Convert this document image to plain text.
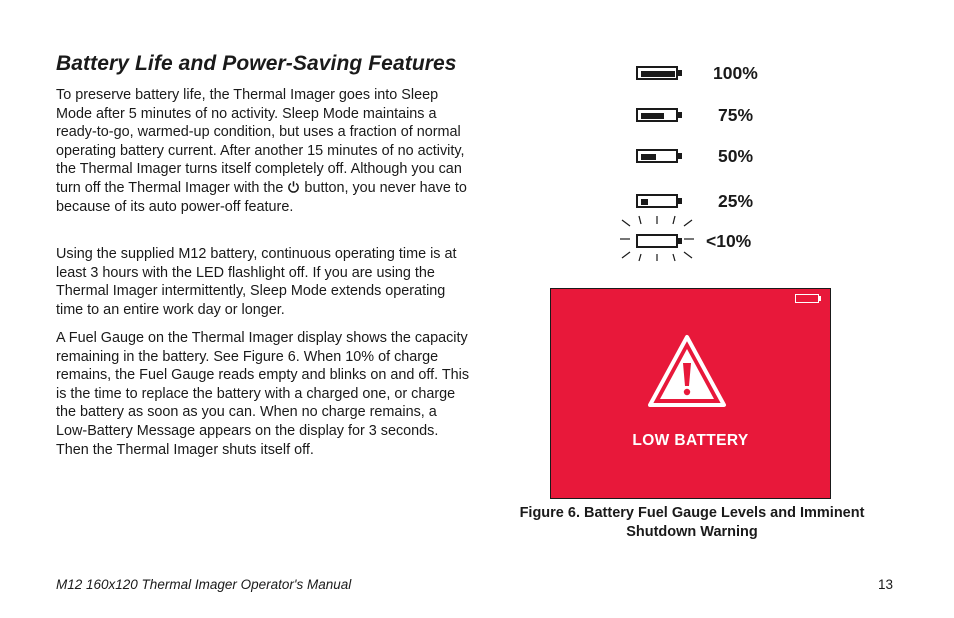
Battery Life and Power-Saving Features

To preserve battery life, the Thermal Imager goes into Sleep Mode after 5 minutes of no activity. Sleep Mode maintains a ready-to-go, warmed-up condition, but uses a fraction of normal operating battery current. After another 15 minutes of no activity, the Thermal Imager turns itself completely off. Although you can turn off the Thermal Imager with the  button, you never have to because of its auto power-off feature.

Using the supplied M12 battery, continuous operating time is at least 3 hours with the LED flashlight off. If you are using the Thermal Imager intermittently, Sleep Mode extends operating time to an entire work day or longer.

A Fuel Gauge on the Thermal Imager display shows the capacity remaining in the battery. See Figure 6. When 10% of charge remains, the Fuel Gauge reads empty and blinks on and off. This is the time to replace the battery with a charged one, or charge the battery as soon as you can. When no charge remains, a Low-Battery Message appears on the display for 3 seconds. Then the Thermal Imager shuts itself off.

100%
75%
50%
25%
<10%
LOW BATTERY

Figure 6. Battery Fuel Gauge Levels and Imminent
Shutdown Warning

M12 160x120 Thermal Imager Operator's Manual	13
